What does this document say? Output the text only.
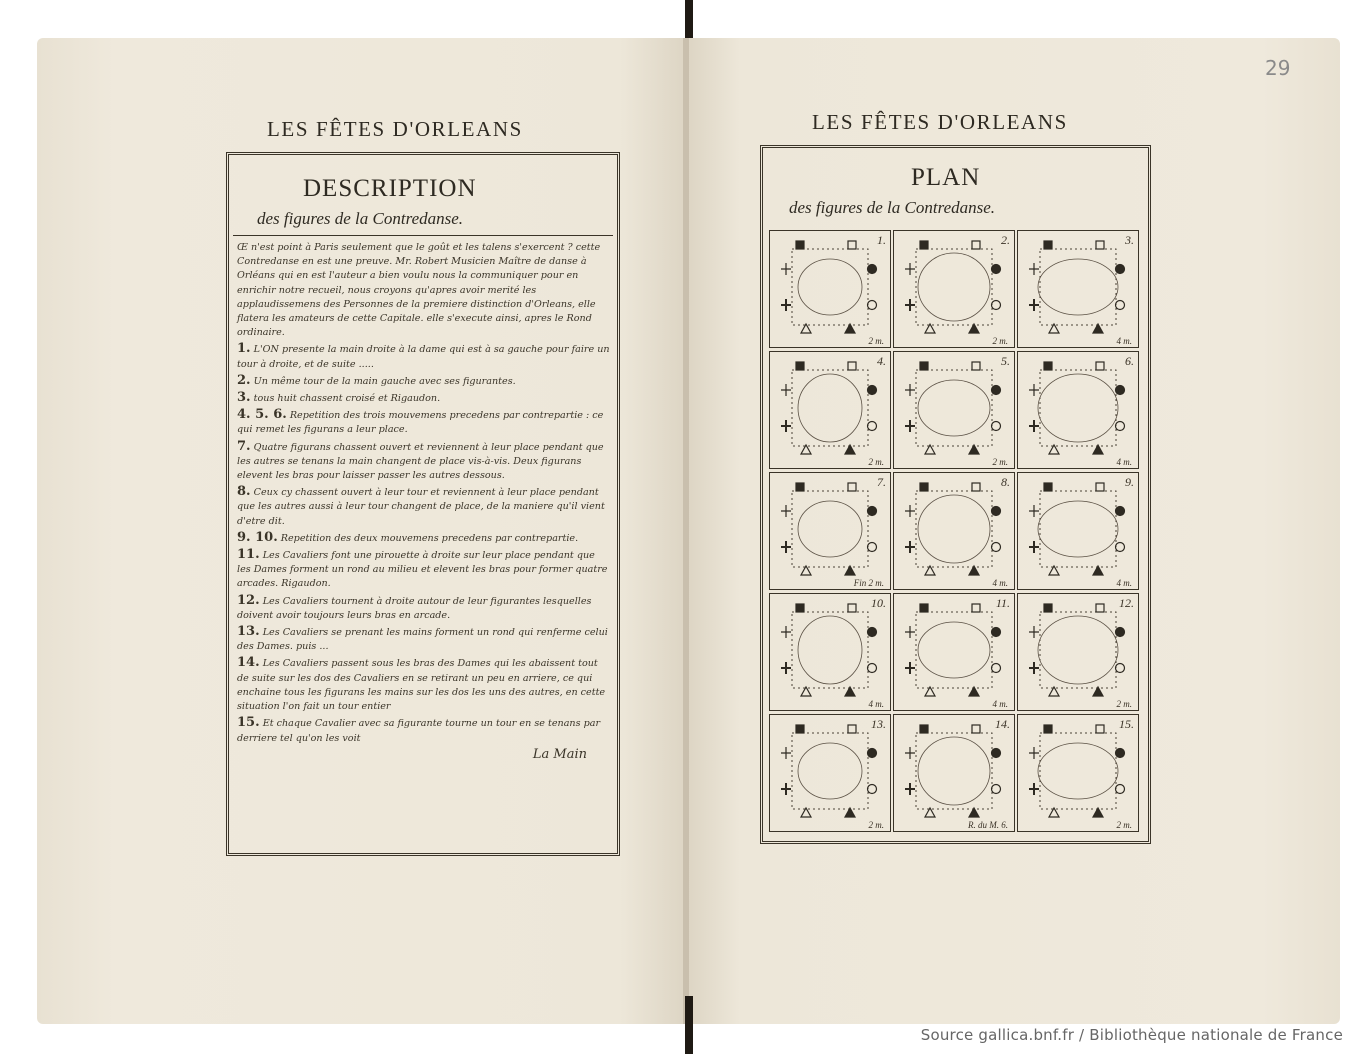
LES FÊTES D'ORLEANS	LES FÊTES D'ORLEANS
29
DESCRIPTION
des figures de la Contredanse.

Œ n'est point à Paris seulement que le goût et les talens s'exercent ? cette Contredanse en est une preuve. Mr. Robert Musicien Maître de danse à Orléans qui en est l'auteur a bien voulu nous la communiquer pour en enrichir notre recueil, nous croyons qu'apres avoir merité les applaudissemens des Personnes de la premiere distinction d'Orleans, elle flatera les amateurs de cette Capitale. elle s'execute ainsi, apres le Rond ordinaire.

1. L'ON presente la main droite à la dame qui est à sa gauche pour faire un tour à droite, et de suite .....

2. Un même tour de la main gauche avec ses figurantes.

3. tous huit chassent croisé et Rigaudon.

4. 5. 6. Repetition des trois mouvemens precedens par contrepartie : ce qui remet les figurans a leur place.

7. Quatre figurans chassent ouvert et reviennent à leur place pendant que les autres se tenans la main changent de place vis-à-vis. Deux figurans elevent les bras pour laisser passer les autres dessous.

8. Ceux cy chassent ouvert à leur tour et reviennent à leur place pendant que les autres aussi à leur tour changent de place, de la maniere qu'il vient d'etre dit.

9. 10. Repetition des deux mouvemens precedens par contrepartie.

11. Les Cavaliers font une pirouette à droite sur leur place pendant que les Dames forment un rond au milieu et elevent les bras pour former quatre arcades. Rigaudon.

12. Les Cavaliers tournent à droite autour de leur figurantes lesquelles doivent avoir toujours leurs bras en arcade.

13. Les Cavaliers se prenant les mains forment un rond qui renferme celui des Dames. puis ...

14. Les Cavaliers passent sous les bras des Dames qui les abaissent tout de suite sur les dos des Cavaliers en se retirant un peu en arriere, ce qui enchaine tous les figurans les mains sur les dos les uns des autres, en cette situation l'on fait un tour entier

15. Et chaque Cavalier avec sa figurante tourne un tour en se tenans par derriere tel qu'on les voit

La Main
PLAN
des figures de la Contredanse.
1.
2 m.
2.
2 m.
3.
4 m.
4.
2 m.
5.
2 m.
6.
4 m.
7.
Fin 2 m.
8.
4 m.
9.
4 m.
10.
4 m.
11.
4 m.
12.
2 m.
13.
2 m.
14.
R. du M. 6.
15.
2 m.
Source gallica.bnf.fr / Bibliothèque nationale de France
